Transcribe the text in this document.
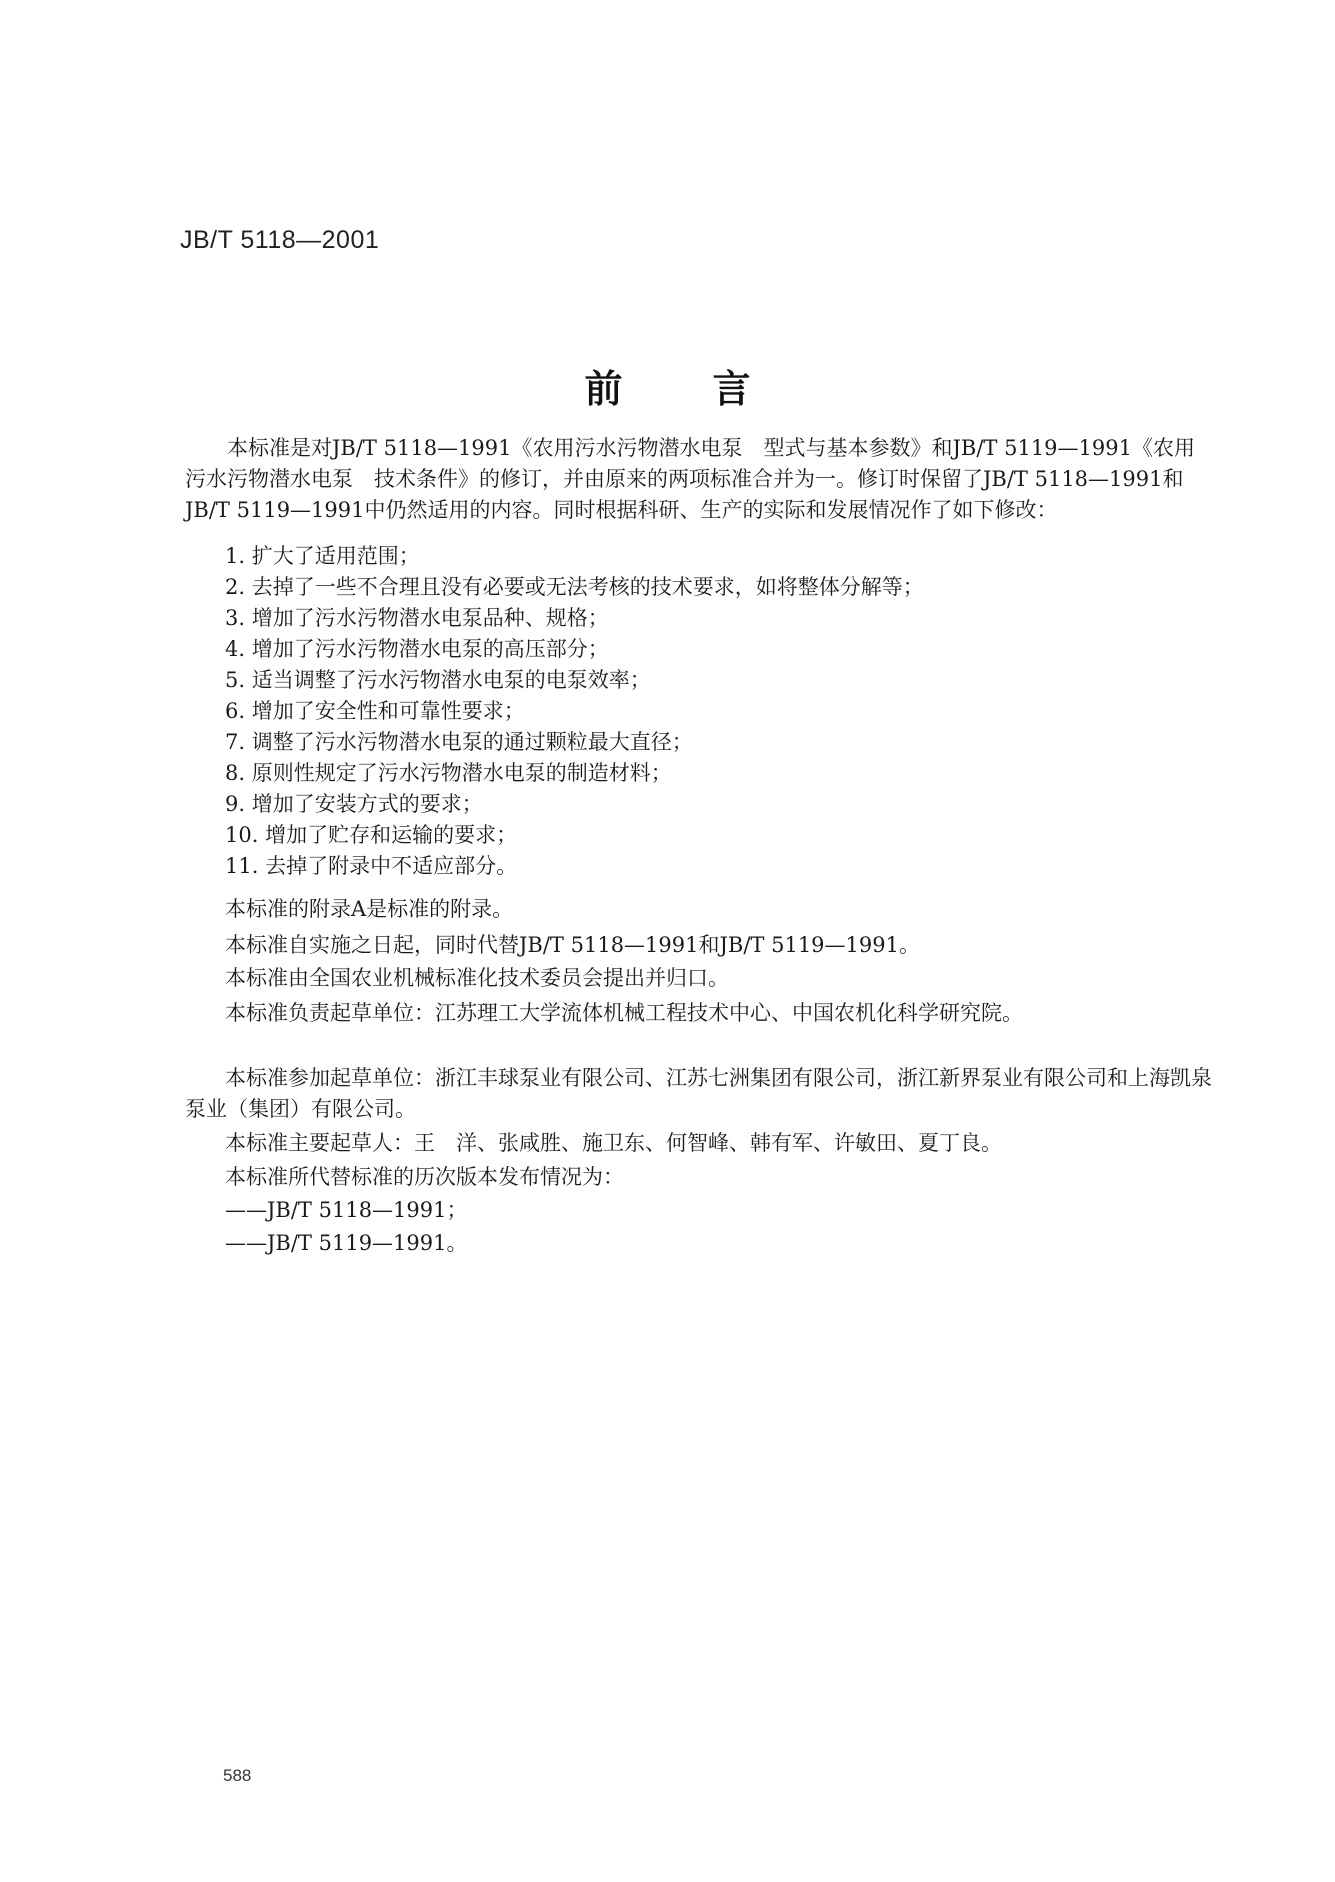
JB/T 5118—2001
前言
本标准是对JB/T 5118—1991《农用污水污物潜水电泵　型式与基本参数》和JB/T 5119—1991《农用污水污物潜水电泵　技术条件》的修订，并由原来的两项标准合并为一。修订时保留了JB/T 5118—1991和JB/T 5119—1991中仍然适用的内容。同时根据科研、生产的实际和发展情况作了如下修改：
1. 扩大了适用范围；
2. 去掉了一些不合理且没有必要或无法考核的技术要求，如将整体分解等；
3. 增加了污水污物潜水电泵品种、规格；
4. 增加了污水污物潜水电泵的高压部分；
5. 适当调整了污水污物潜水电泵的电泵效率；
6. 增加了安全性和可靠性要求；
7. 调整了污水污物潜水电泵的通过颗粒最大直径；
8. 原则性规定了污水污物潜水电泵的制造材料；
9. 增加了安装方式的要求；
10. 增加了贮存和运输的要求；
11. 去掉了附录中不适应部分。
本标准的附录A是标准的附录。
本标准自实施之日起，同时代替JB/T 5118—1991和JB/T 5119—1991。
本标准由全国农业机械标准化技术委员会提出并归口。
本标准负责起草单位：江苏理工大学流体机械工程技术中心、中国农机化科学研究院。
本标准参加起草单位：浙江丰球泵业有限公司、江苏七洲集团有限公司，浙江新界泵业有限公司和上海凯泉泵业（集团）有限公司。
本标准主要起草人：王　洋、张咸胜、施卫东、何智峰、韩有军、许敏田、夏丁良。
本标准所代替标准的历次版本发布情况为：
——JB/T 5118—1991；
——JB/T 5119—1991。
588
